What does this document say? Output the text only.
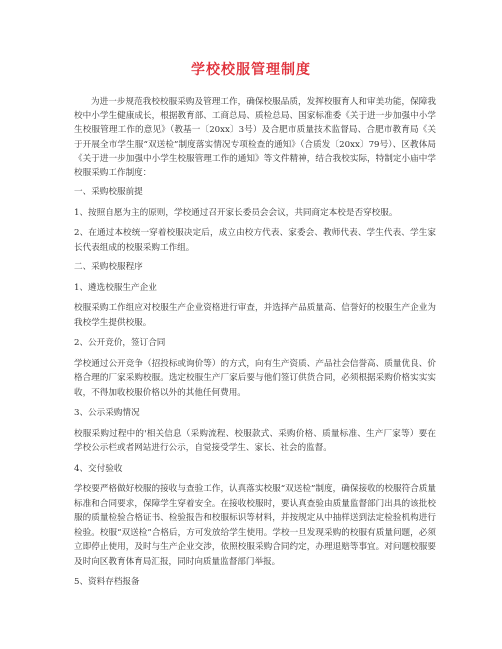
学校校服管理制度

为进一步规范我校校服采购及管理工作，确保校服品质，发挥校服育人和审美功能，保障我校中小学生健康成长，根据教育部、工商总局、质检总局、国家标准委《关于进一步加强中小学生校服管理工作的意见》（教基一〔20xx〕3号）及合肥市质量技术监督局、合肥市教育局《关于开展全市学生服“双送检”制度落实情况专项检查的通知》（合质发〔20xx〕79号）、区教体局《关于进一步加强中小学生校服管理工作的通知》等文件精神，结合我校实际，特制定小庙中学校服采购工作制度：

一、采购校服前提

1、按照自愿为主的原则，学校通过召开家长委员会会议，共同商定本校是否穿校服。

2、在通过本校统一穿着校服决定后，成立由校方代表、家委会、教师代表、学生代表、学生家长代表组成的校服采购工作组。

二、采购校服程序

1、遴选校服生产企业

校服采购工作组应对校服生产企业资格进行审查，并选择产品质量高、信誉好的校服生产企业为我校学生提供校服。

2、公开竞价，签订合同

学校通过公开竞争（招投标或询价等）的方式，向有生产资质、产品社会信誉高、质量优良、价格合理的厂家采购校服。选定校服生产厂家后要与他们签订供货合同，必须根据采购价格实实实收，不得加收校服价格以外的其他任何费用。

3、公示采购情况

校服采购过程中的'相关信息（采购流程、校服款式、采购价格、质量标准、生产厂家等）要在学校公示栏或者网站进行公示，自觉接受学生、家长、社会的监督。

4、交付验收

学校要严格做好校服的接收与查验工作，认真落实校服“双送检”制度，确保接收的校服符合质量标准和合同要求，保障学生穿着安全。在接收校服时，要认真查验由质量监督部门出具的该批校服的质量检验合格证书、检验报告和校服标识等材料，并按规定从中抽样送到法定检验机构进行检验。校服“双送检”合格后，方可发放给学生使用。学校一旦发现采购的校服有质量问题，必须立即停止使用，及时与生产企业交涉，依照校服采购合同约定，办理退赔等事宜。对问题校服要及时向区教育体育局汇报，同时向质量监督部门举报。

5、资料存档报备
